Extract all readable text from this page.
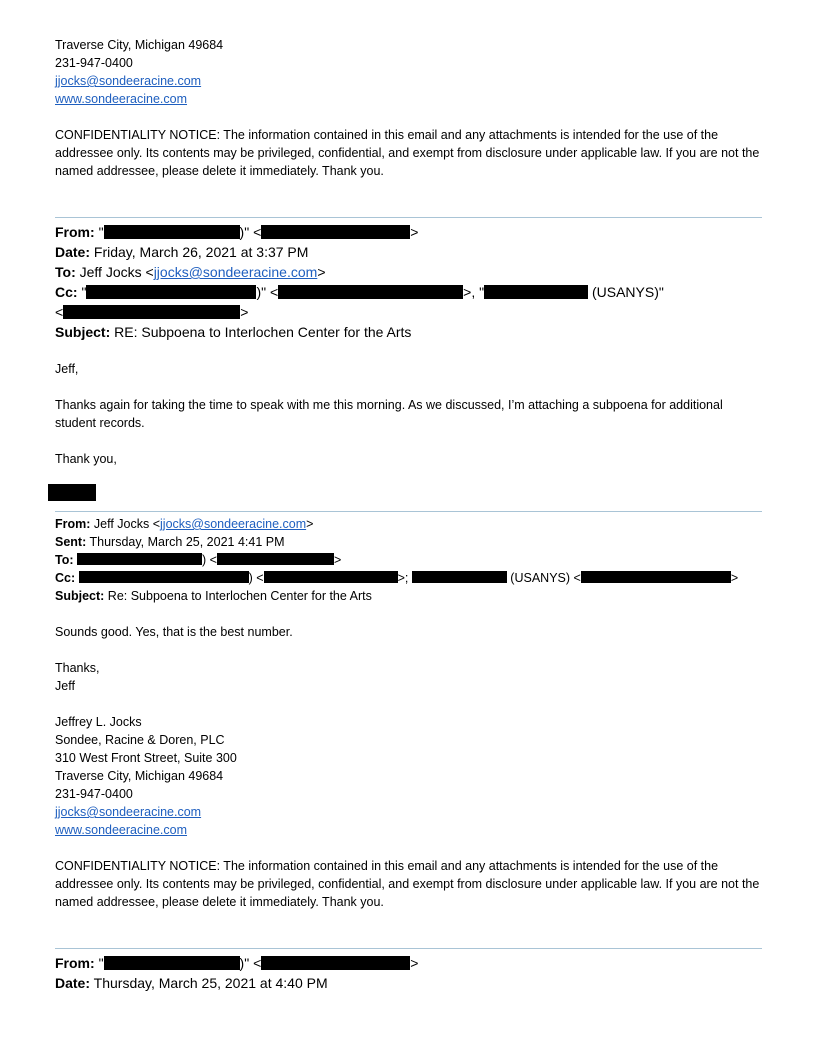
Traverse City, Michigan 49684
231-947-0400
jjocks@sondeeracine.com
www.sondeeracine.com
CONFIDENTIALITY NOTICE: The information contained in this email and any attachments is intended for the use of the addressee only. Its contents may be privileged, confidential, and exempt from disclosure under applicable law. If you are not the named addressee, please delete it immediately. Thank you.
From: "	)" <	>
Date: Friday, March 26, 2021 at 3:37 PM
To: Jeff Jocks <jjocks@sondeeracine.com>
Cc: "	)" <	>, "	(USANYS)"
<	>
Subject: RE: Subpoena to Interlochen Center for the Arts
Jeff,
Thanks again for taking the time to speak with me this morning. As we discussed, I’m attaching a subpoena for additional student records.
Thank you,
From: Jeff Jocks <jjocks@sondeeracine.com>
Sent: Thursday, March 25, 2021 4:41 PM
To:	) <	>
Cc:	) <	>;	(USANYS) <	>
Subject: Re: Subpoena to Interlochen Center for the Arts
Sounds good. Yes, that is the best number.
Thanks,
Jeff
Jeffrey L. Jocks
Sondee, Racine & Doren, PLC
310 West Front Street, Suite 300
Traverse City, Michigan 49684
231-947-0400
jjocks@sondeeracine.com
www.sondeeracine.com
CONFIDENTIALITY NOTICE: The information contained in this email and any attachments is intended for the use of the addressee only. Its contents may be privileged, confidential, and exempt from disclosure under applicable law. If you are not the named addressee, please delete it immediately. Thank you.
From: "	)" <	>
Date: Thursday, March 25, 2021 at 4:40 PM
